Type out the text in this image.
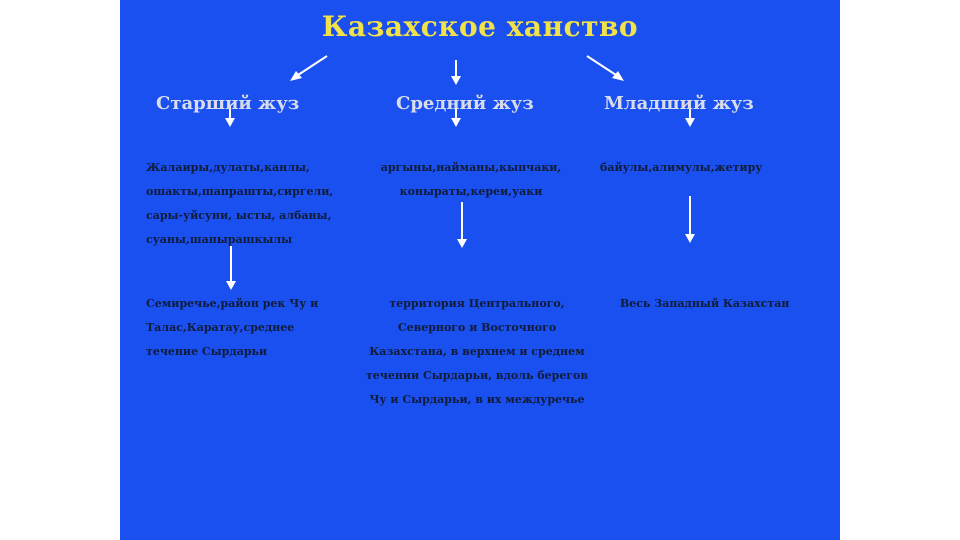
Казахское ханство
Старший жуз	Средний жуз	Младший жуз
Жалаиры,дулаты,канлы,
ошакты,шапрашты,сиргели,
сары-уйсуни, ысты, албаны,
суаны,шапырашкылы
аргыны,найманы,кыпчаки,
коныраты,кереи,уаки
байулы,алимулы,жетиру
Семиречье,район рек Чу и
Талас,Каратау,среднее
течение Сырдарьи
территория Центрального,
Северного и Восточного
Казахстана, в верхнем и среднем
течении Сырдарьи, вдоль берегов
Чу и Сырдарьи, в их междуречье
Весь Западный Казахстан
